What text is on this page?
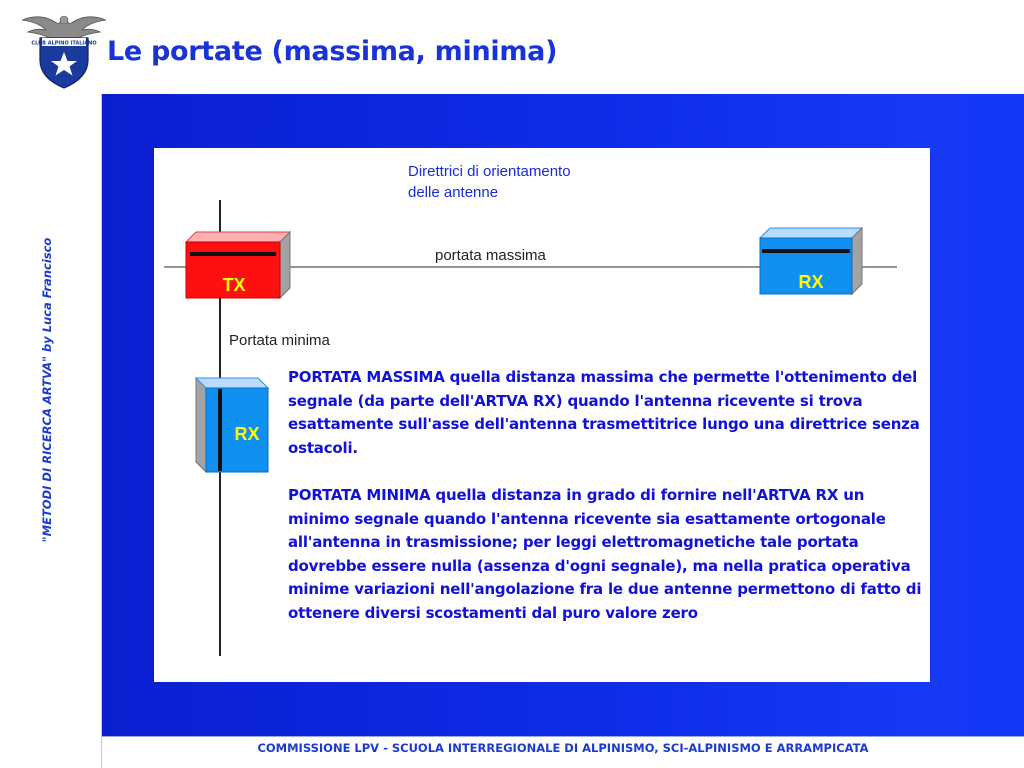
CLUB ALPINO ITALIANO Le portate (massima, minima)
"METODI DI RICERCA ARTVA" by Luca Francisco
Direttrici di orientamento
delle antenne
portata massima
Portata minima
TX	RX
RX

PORTATA MASSIMA quella distanza massima che permette l'ottenimento del segnale (da parte dell'ARTVA RX) quando l'antenna ricevente si trova esattamente sull'asse dell'antenna trasmettitrice lungo una direttrice senza ostacoli.

PORTATA MINIMA quella distanza in grado di fornire nell'ARTVA RX un minimo segnale quando l'antenna ricevente sia esattamente ortogonale all'antenna in trasmissione; per leggi elettromagnetiche tale portata dovrebbe essere nulla (assenza d'ogni segnale), ma nella pratica operativa minime variazioni nell'angolazione fra le due antenne permettono di fatto di ottenere diversi scostamenti dal puro valore zero

COMMISSIONE LPV - SCUOLA INTERREGIONALE DI ALPINISMO, SCI-ALPINISMO E ARRAMPICATA
